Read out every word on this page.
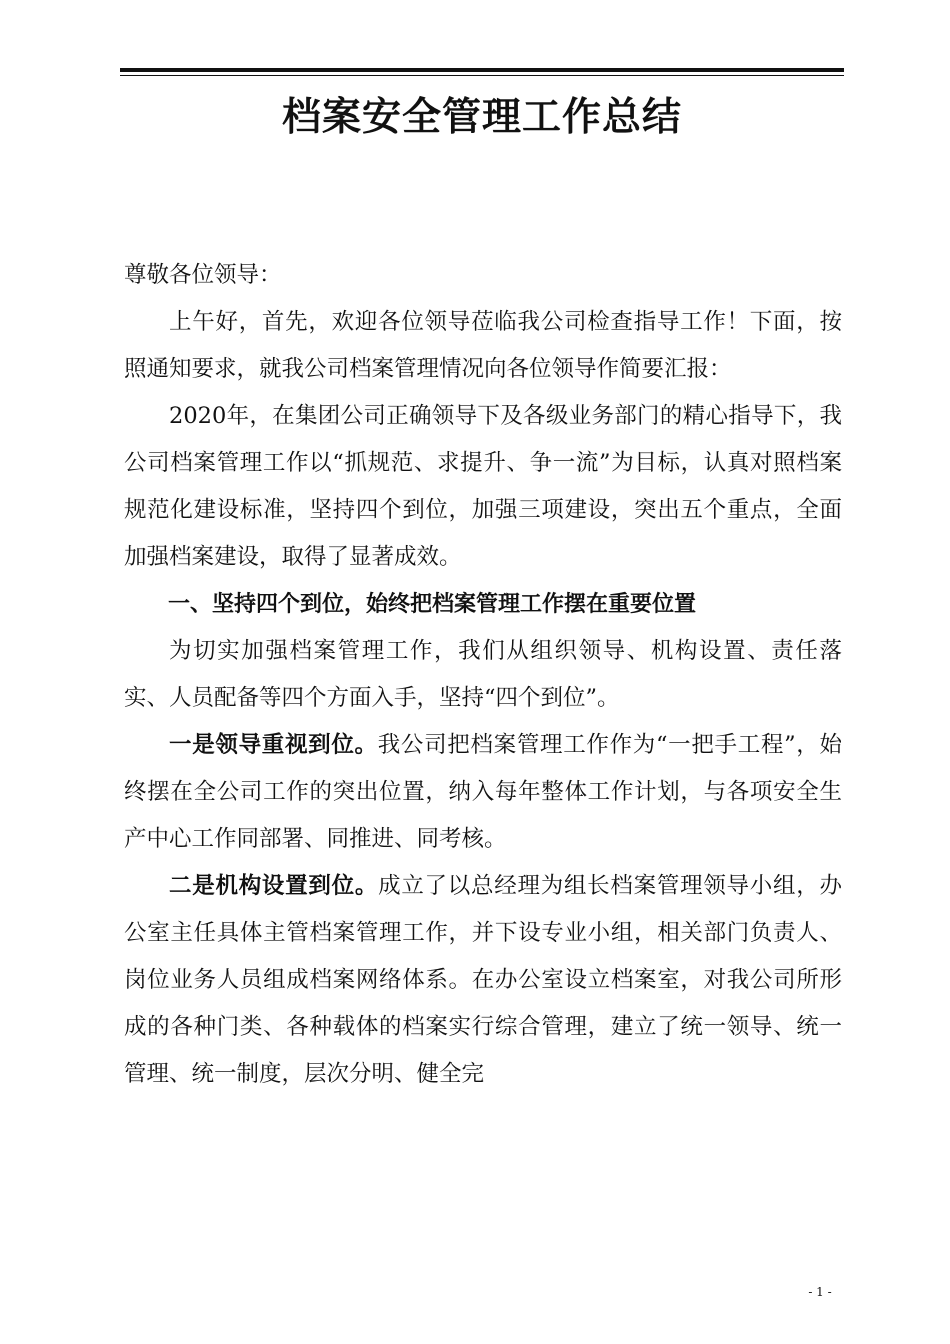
档案安全管理工作总结

尊敬各位领导：

上午好，首先，欢迎各位领导莅临我公司检查指导工作！下面，按照通知要求，就我公司档案管理情况向各位领导作简要汇报：

2020年，在集团公司正确领导下及各级业务部门的精心指导下，我公司档案管理工作以“抓规范、求提升、争一流”为目标，认真对照档案规范化建设标准，坚持四个到位，加强三项建设，突出五个重点，全面加强档案建设，取得了显著成效。

一、坚持四个到位，始终把档案管理工作摆在重要位置

为切实加强档案管理工作，我们从组织领导、机构设置、责任落实、人员配备等四个方面入手，坚持“四个到位”。

一是领导重视到位。我公司把档案管理工作作为“一把手工程”，始终摆在全公司工作的突出位置，纳入每年整体工作计划，与各项安全生产中心工作同部署、同推进、同考核。

二是机构设置到位。成立了以总经理为组长档案管理领导小组，办公室主任具体主管档案管理工作，并下设专业小组，相关部门负责人、岗位业务人员组成档案网络体系。在办公室设立档案室，对我公司所形成的各种门类、各种载体的档案实行综合管理，建立了统一领导、统一管理、统一制度，层次分明、健全完

- 1 -
